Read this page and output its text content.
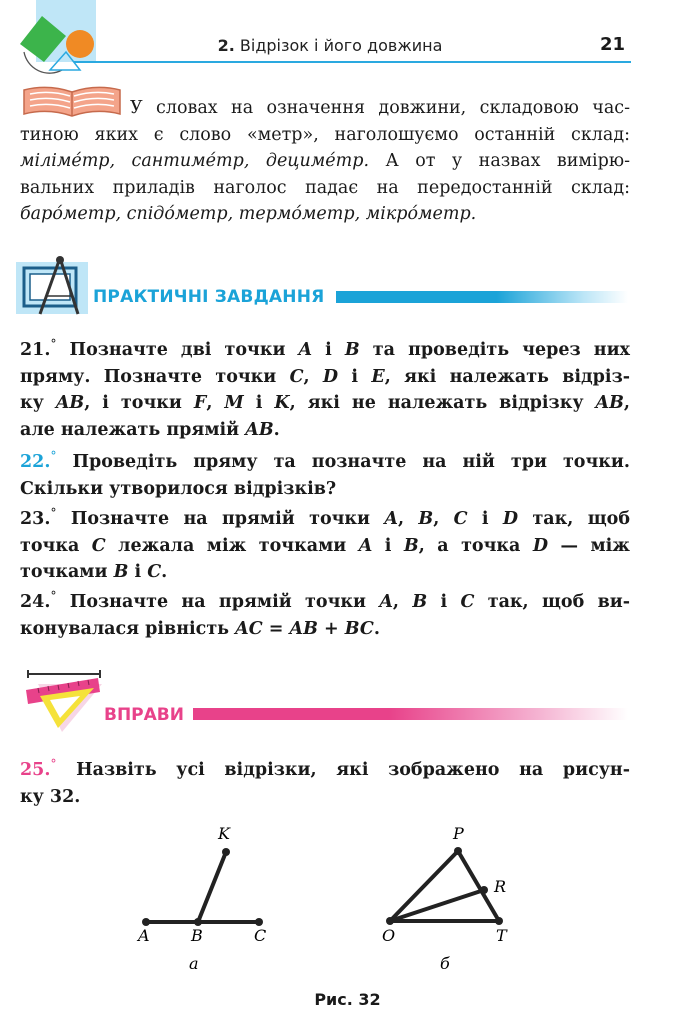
2. Відрізок і його довжина	21
У словах на означення довжини, складовою час-
тиною яких є слово «метр», наголошуємо останній склад:
міліме́тр, сантиме́тр, дециме́тр. А от у назвах вимірю-
вальних приладів наголос падає на передостанній склад:
баро́метр, спідо́метр, термо́метр, мікро́метр.
ПРАКТИЧНІ ЗАВДАННЯ
21.° Позначте дві точки A і B та проведіть через них
пряму. Позначте точки C, D і E, які належать відріз-
ку AB, і точки F, M і K, які не належать відрізку AB,
але належать прямій AB.
22.° Проведіть пряму та позначте на ній три точки.
Скільки утворилося відрізків?
23.° Позначте на прямій точки A, B, C і D так, щоб
точка C лежала між точками A і B, а точка D — між
точками B і C.
24.° Позначте на прямій точки A, B і C так, щоб ви-
конувалася рівність AC = AB + BC.
ВПРАВИ
25.° Назвіть усі відрізки, які зображено на рисун-
ку 32.
A	B	C
K
а
O
P
T
R
б
Рис. 32
